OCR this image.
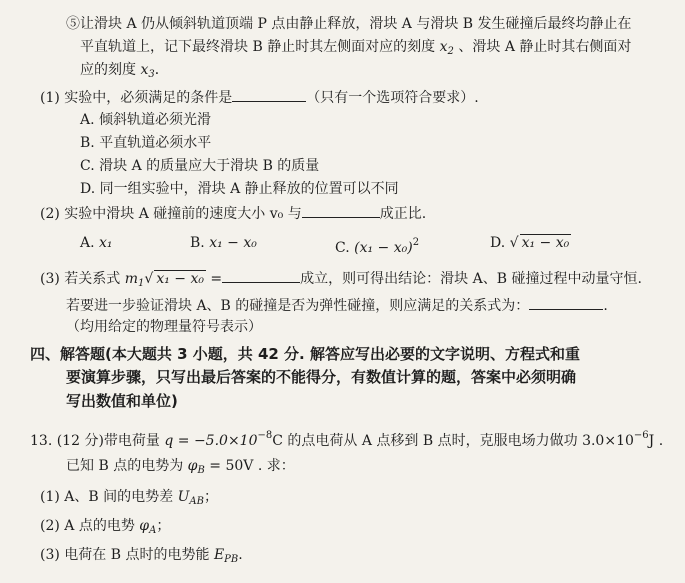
⑤让滑块 A 仍从倾斜轨道顶端 P 点由静止释放，滑块 A 与滑块 B 发生碰撞后最终均静止在
平直轨道上，记下最终滑块 B 静止时其左侧面对应的刻度 $x_2$ 、滑块 A 静止时其右侧面对
应的刻度 $x_3$．
(1) 实验中，必须满足的条件是	（只有一个选项符合要求）.
A. 倾斜轨道必须光滑
B. 平直轨道必须水平
C. 滑块 A 的质量应大于滑块 B 的质量
D. 同一组实验中，滑块 A 静止释放的位置可以不同
(2) 实验中滑块 A 碰撞前的速度大小 v₀ 与	成正比.
A. x₁	B. x₁ − x₀	C. $(x_1 - x_0)^2$	D. √ x₁ − x₀
(3) 若关系式 $m_1√$ x₁ − x₀ =	成立，则可得出结论：滑块 A、B 碰撞过程中动量守恒.
若要进一步验证滑块 A、B 的碰撞是否为弹性碰撞，则应满足的关系式为：	.
（均用给定的物理量符号表示）
四、解答题(本大题共 3 小题，共 42 分. 解答应写出必要的文字说明、方程式和重
要演算步骤，只写出最后答案的不能得分，有数值计算的题，答案中必须明确
写出数值和单位)
13. (12 分)带电荷量 $q = -5.0\times 10^{-8}C$ 的点电荷从 A 点移到 B 点时，克服电场力做功 $3.0\times 10^{-6}J$ .
已知 B 点的电势为 $\varphi_B = 50V$ . 求：
(1) A、B 间的电势差 $U_{AB}$；
(2) A 点的电势 $\varphi_A$；
(3) 电荷在 B 点时的电势能 $E_{PB}$.
